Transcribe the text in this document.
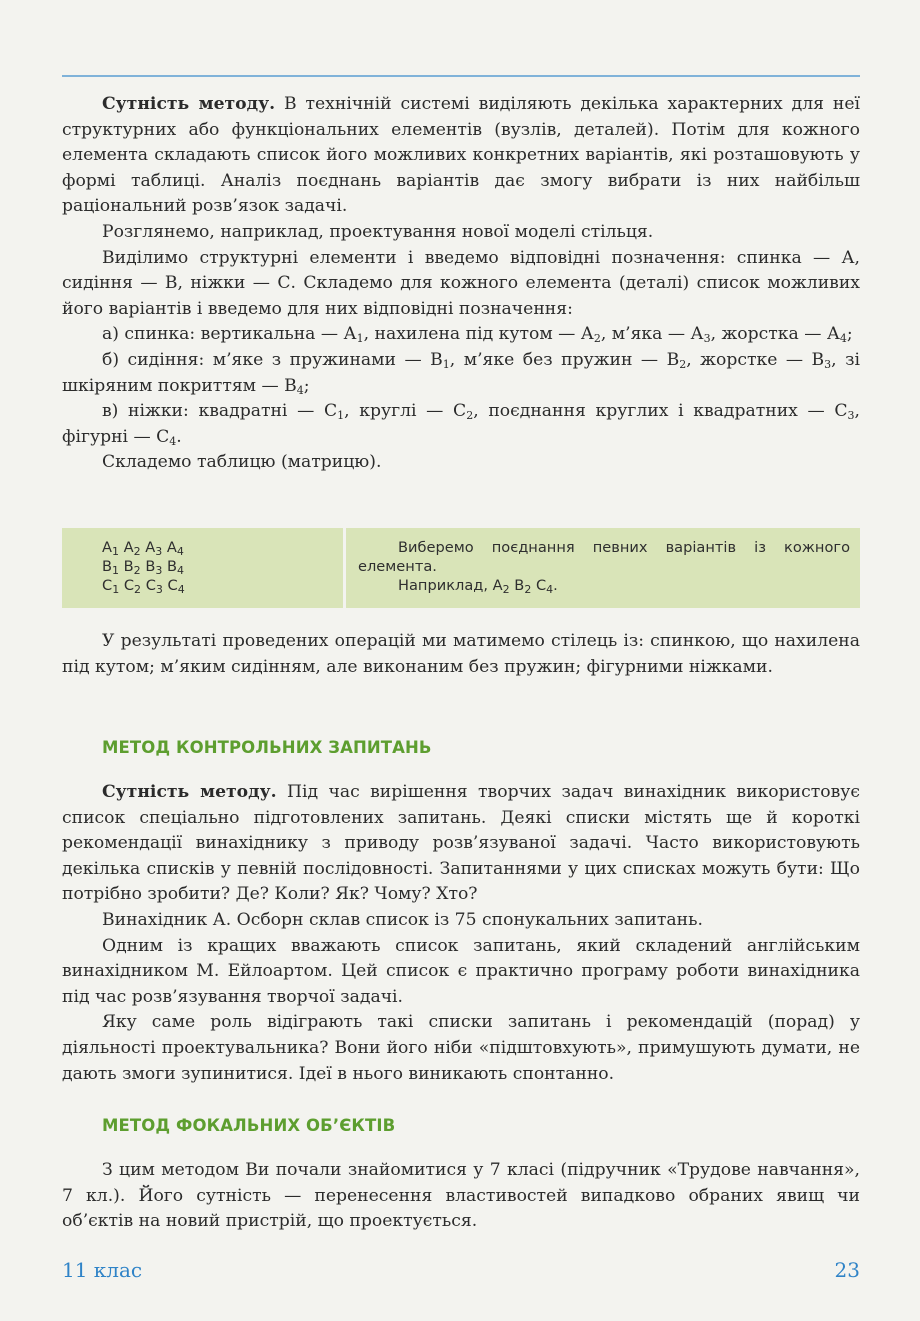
Сутність методу. В технічній системі виділяють декілька характерних для неї структурних або функціональних елементів (вузлів, деталей). Потім для кожного елемента складають список його можливих конкретних варіантів, які розташовують у формі таблиці. Аналіз поєднань варіантів дає змогу вибрати із них найбільш раціональний розв’язок задачі.

Розглянемо, наприклад, проектування нової моделі стільця.

Виділимо структурні елементи і введемо відповідні позначення: спинка — А, сидіння — В, ніжки — С. Складемо для кожного елемента (деталі) список можливих його варіантів і введемо для них відповідні позначення:

а) спинка: вертикальна — $А_1$, нахилена під кутом — $А_2$, м’яка — $А_3$, жорстка — $А_4$;

б) сидіння: м’яке з пружинами — $В_1$, м’яке без пружин — $В_2$, жорстке — $В_3$, зі шкіряним покриттям — $В_4$;

в) ніжки: квадратні — $С_1$, круглі — $С_2$, поєднання круглих і квадратних — $С_3$, фігурні — $С_4$.

Складемо таблицю (матрицю).

$A_1$ $A_2$ $A_3$ $A_4$
$B_1$ $B_2$ $B_3$ $B_4$
$C_1$ $C_2$ $C_3$ $C_4$

Виберемо поєднання певних варіантів із кожного елемента.

Наприклад, $A_2$ $B_2$ $C_4$.

У результаті проведених операцій ми матимемо стілець із: спинкою, що нахилена під кутом; м’яким сидінням, але виконаним без пружин; фігурними ніжками.

МЕТОД КОНТРОЛЬНИХ ЗАПИТАНЬ

Сутність методу. Під час вирішення творчих задач винахідник використовує список спеціально підготовлених запитань. Деякі списки містять ще й короткі рекомендації винахіднику з приводу розв’язуваної задачі. Часто використовують декілька списків у певній послідовності. Запитаннями у цих списках можуть бути: Що потрібно зробити? Де? Коли? Як? Чому? Хто?

Винахідник А. Осборн склав список із 75 спонукальних запитань.

Одним із кращих вважають список запитань, який складений англійським винахідником М. Ейлоартом. Цей список є практично програму роботи винахідника під час розв’язування творчої задачі.

Яку саме роль відіграють такі списки запитань і рекомендацій (порад) у діяльності проектувальника? Вони його ніби «підштовхують», примушують думати, не дають змоги зупинитися. Ідеї в нього виникають спонтанно.

МЕТОД ФОКАЛЬНИХ ОБ’ЄКТІВ

З цим методом Ви почали знайомитися у 7 класі (підручник «Трудове навчання», 7 кл.). Його сутність — перенесення властивостей випадково обраних явищ чи об’єктів на новий пристрій, що проектується.

11 клас	23
